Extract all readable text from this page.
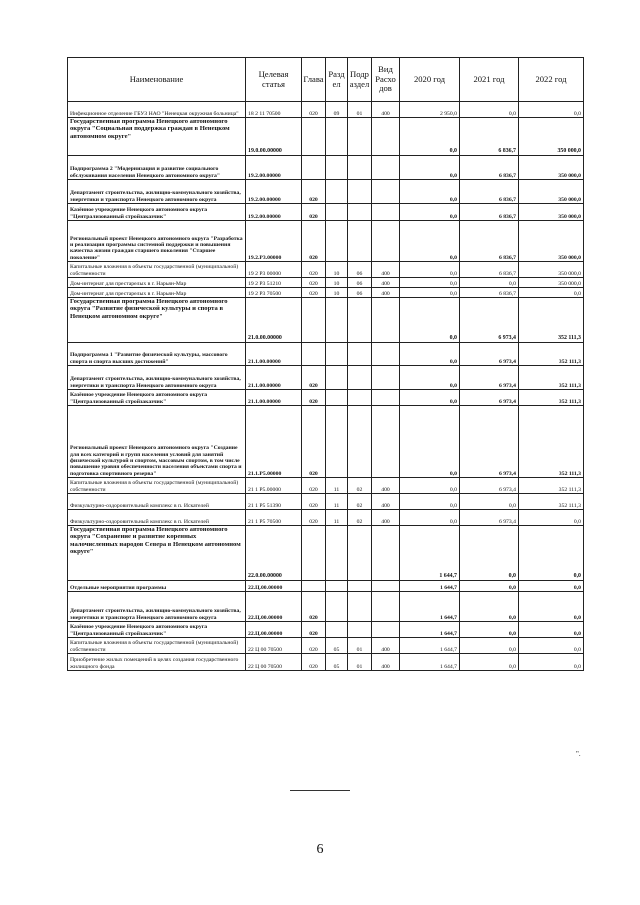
Наименование	Целевая статья	Глава	Разд ел	Подр аздел	Вид Расхо дов	2020 год	2021 год	2022 год
Инфекционное отделение ГБУЗ НАО "Ненецкая окружная больница"	18 2 11 70500	020	09	01	400	2 950,0	0,0	0,0
Государственная программа Ненецкого автономного округа "Социальная поддержка граждан в Ненецком автономном округе"	19.0.00.00000					0,0	6 836,7	350 000,0
Подпрограмма 2 "Модернизация и развитие социального обслуживания населения Ненецкого автономного округа"	19.2.00.00000					0,0	6 836,7	350 000,0
Департамент строительства, жилищно-коммунального хозяйства, энергетики и транспорта Ненецкого автономного округа	19.2.00.00000	020				0,0	6 836,7	350 000,0
Казённое учреждение Ненецкого автономного округа "Централизованный стройзаказчик"	19.2.00.00000	020				0,0	6 836,7	350 000,0
Региональный проект Ненецкого автономного округа "Разработка и реализация программы системной поддержки и повышения качества жизни граждан старшего поколения "Старшее поколение"	19.2.P3.00000	020				0,0	6 836,7	350 000,0
Капитальные вложения в объекты государственной (муниципальной) собственности	19 2 P3 00000	020	10	06	400	0,0	6 836,7	350 000,0
Дом-интернат для престарелых в г. Нарьян-Мар	19 2 P3 51210	020	10	06	400	0,0	0,0	350 000,0
Дом-интернат для престарелых в г. Нарьян-Мар	19 2 P3 70500	020	10	06	400	0,0	6 836,7	0,0
Государственная программа Ненецкого автономного округа "Развитие физической культуры и спорта в Ненецком автономном округе"	21.0.00.00000					0,0	6 973,4	352 111,3
Подпрограмма 1 "Развитие физической культуры, массового спорта и спорта высших достижений"	21.1.00.00000					0,0	6 973,4	352 111,3
Департамент строительства, жилищно-коммунального хозяйства, энергетики и транспорта Ненецкого автономного округа	21.1.00.00000	020				0,0	6 973,4	352 111,3
Казённое учреждение Ненецкого автономного округа "Централизованный стройзаказчик"	21.1.00.00000	020				0,0	6 973,4	352 111,3
Региональный проект Ненецкого автономного округа "Создание для всех категорий и групп населения условий для занятий физической культурой и спортом, массовым спортом, в том числе повышение уровня обеспеченности населения объектами спорта и подготовка спортивного резерва"	21.1.P5.00000	020				0,0	6 973,4	352 111,3
Капитальные вложения в объекты государственной (муниципальной) собственности	21 1 P5.00000	020	11	02	400	0,0	6 973,4	352 111,3
Физкультурно-оздоровительный комплекс в п. Искателей	21 1 P5 51390	020	11	02	400	0,0	0,0	352 111,3
Физкультурно-оздоровительный комплекс в п. Искателей	21 1 P5 70500	020	11	02	400	0,0	6 973,4	0,0
Государственная программа Ненецкого автономного округа "Сохранение и развитие коренных малочисленных народов Севера в Ненецком автономном округе"	22.0.00.00000					1 644,7	0,0	0,0
Отдельные мероприятия программы	22.Ц.00.00000					1 644,7	0,0	0,0
Департамент строительства, жилищно-коммунального хозяйства, энергетики и транспорта Ненецкого автономного округа	22.Ц.00.00000	020				1 644,7	0,0	0,0
Казённое учреждение Ненецкого автономного округа "Централизованный стройзаказчик"	22.Ц.00.00000	020				1 644,7	0,0	0,0
Капитальные вложения в объекты государственной (муниципальной) собственности	22 Ц 00 70500	020	05	01	400	1 644,7	0,0	0,0
Приобретение жилых помещений в целях создания государственного жилищного фонда	22 Ц 00 70500	020	05	01	400	1 644,7	0,0	0,0
".
6
